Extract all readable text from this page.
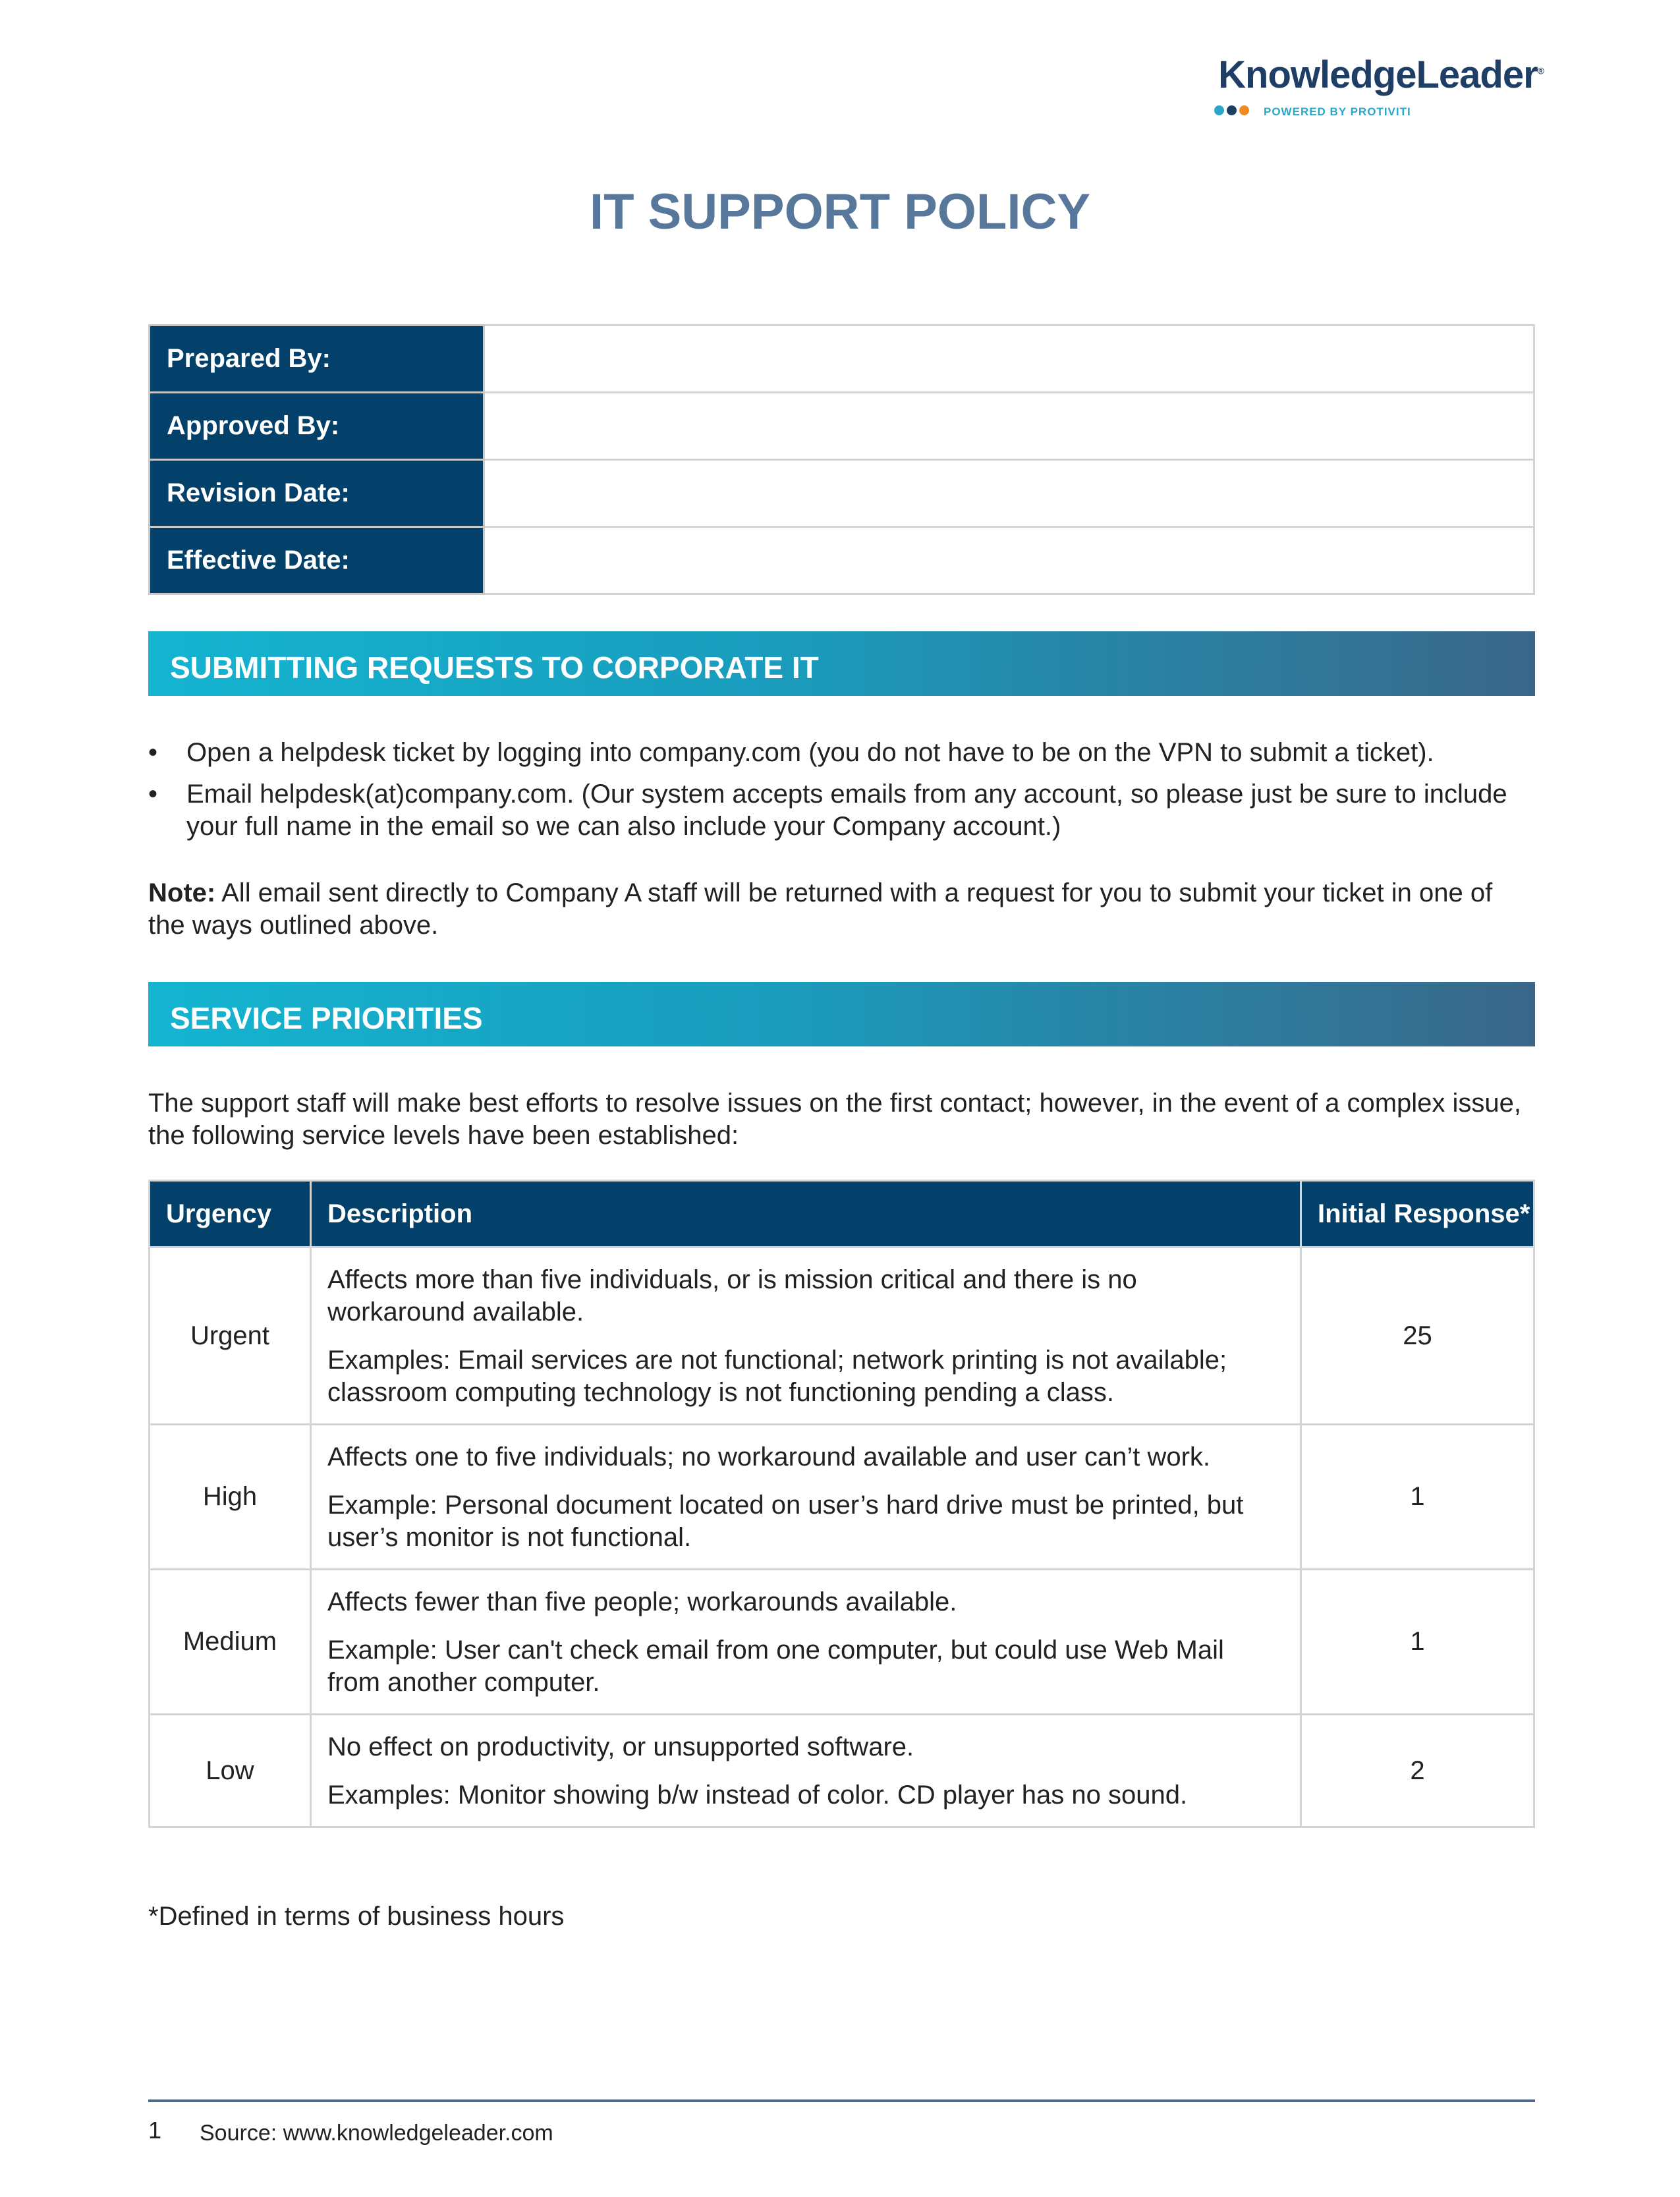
KnowledgeLeader®
POWERED BY PROTIVITI
IT SUPPORT POLICY
Prepared By:	
Approved By:	
Revision Date:	
Effective Date:	
SUBMITTING REQUESTS TO CORPORATE IT
• Open a helpdesk ticket by logging into company.com (you do not have to be on the VPN to submit a ticket).
• Email helpdesk(at)company.com. (Our system accepts emails from any account, so please just be sure to include your full name in the email so we can also include your Company account.)

Note: All email sent directly to Company A staff will be returned with a request for you to submit your ticket in one of the ways outlined above.

SERVICE PRIORITIES

The support staff will make best efforts to resolve issues on the first contact; however, in the event of a complex issue, the following service levels have been established:

Urgency	Description	Initial Response*
Urgent	Affects more than five individuals, or is mission critical and there is no workaround available.

Examples: Email services are not functional; network printing is not available; classroom computing technology is not functioning pending a class.	25
High	Affects one to five individuals; no workaround available and user can’t work.

Example: Personal document located on user’s hard drive must be printed, but user’s monitor is not functional.	1
Medium	Affects fewer than five people; workarounds available.

Example: User can't check email from one computer, but could use Web Mail from another computer.	1
Low	No effect on productivity, or unsupported software.

Examples: Monitor showing b/w instead of color. CD player has no sound.	2

*Defined in terms of business hours

1 Source: www.knowledgeleader.com
